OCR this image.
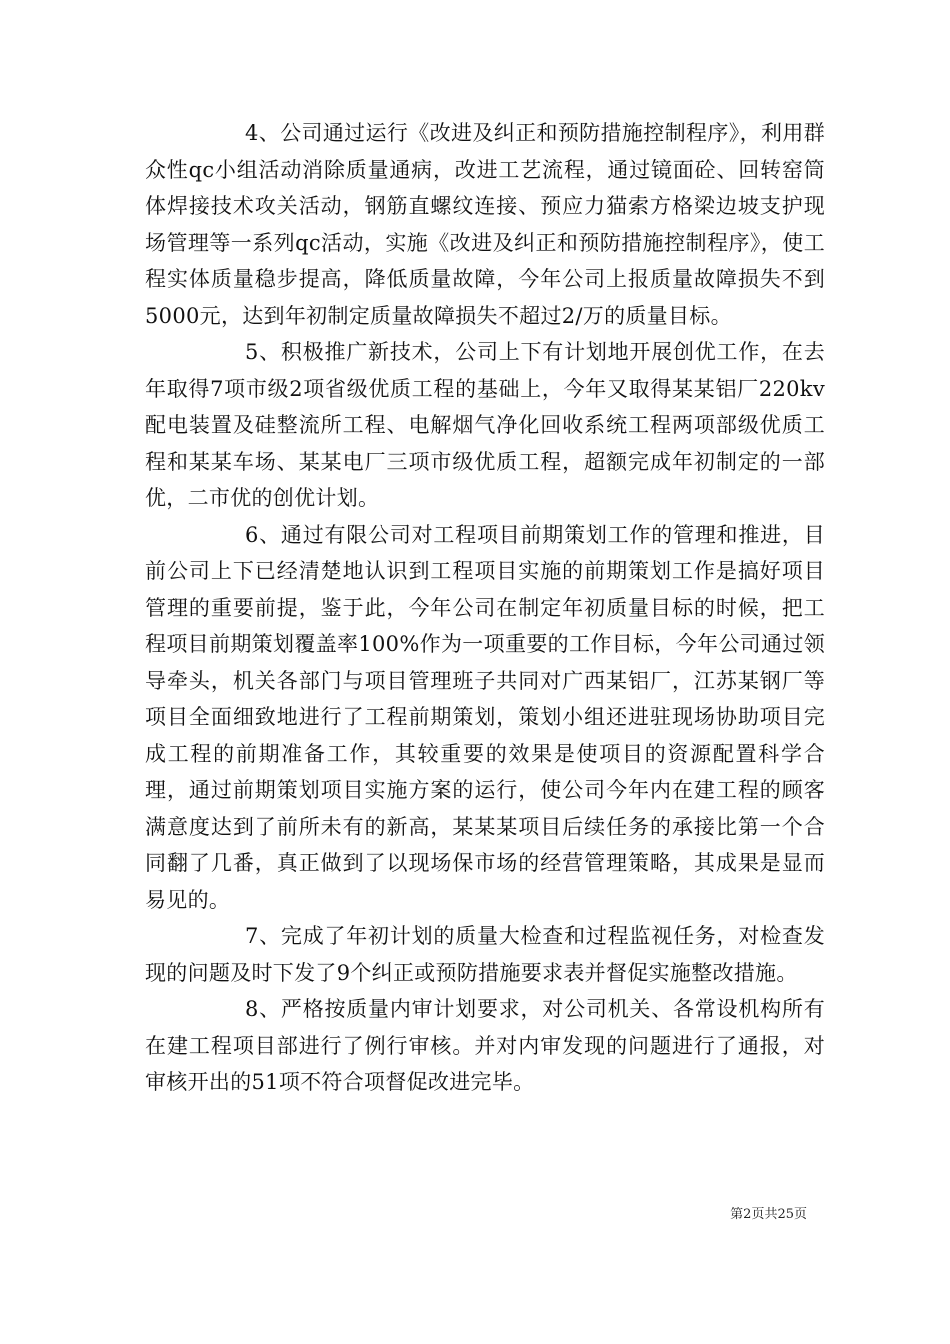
4、公司通过运行《改进及纠正和预防措施控制程序》，利用群众性qc小组活动消除质量通病，改进工艺流程，通过镜面砼、回转窑筒体焊接技术攻关活动，钢筋直螺纹连接、预应力猫索方格梁边坡支护现场管理等一系列qc活动，实施《改进及纠正和预防措施控制程序》，使工程实体质量稳步提高，降低质量故障，今年公司上报质量故障损失不到5000元，达到年初制定质量故障损失不超过2/万的质量目标。

5、积极推广新技术，公司上下有计划地开展创优工作，在去年取得7项市级2项省级优质工程的基础上，今年又取得某某铝厂220kv配电装置及硅整流所工程、电解烟气净化回收系统工程两项部级优质工程和某某车场、某某电厂三项市级优质工程，超额完成年初制定的一部优，二市优的创优计划。

6、通过有限公司对工程项目前期策划工作的管理和推进，目前公司上下已经清楚地认识到工程项目实施的前期策划工作是搞好项目管理的重要前提，鉴于此，今年公司在制定年初质量目标的时候，把工程项目前期策划覆盖率100%作为一项重要的工作目标，今年公司通过领导牵头，机关各部门与项目管理班子共同对广西某铝厂，江苏某钢厂等项目全面细致地进行了工程前期策划，策划小组还进驻现场协助项目完成工程的前期准备工作，其较重要的效果是使项目的资源配置科学合理，通过前期策划项目实施方案的运行，使公司今年内在建工程的顾客满意度达到了前所未有的新高，某某某项目后续任务的承接比第一个合同翻了几番，真正做到了以现场保市场的经营管理策略，其成果是显而易见的。

7、完成了年初计划的质量大检查和过程监视任务，对检查发现的问题及时下发了9个纠正或预防措施要求表并督促实施整改措施。

8、严格按质量内审计划要求，对公司机关、各常设机构所有在建工程项目部进行了例行审核。并对内审发现的问题进行了通报，对审核开出的51项不符合项督促改进完毕。

第2页共25页
